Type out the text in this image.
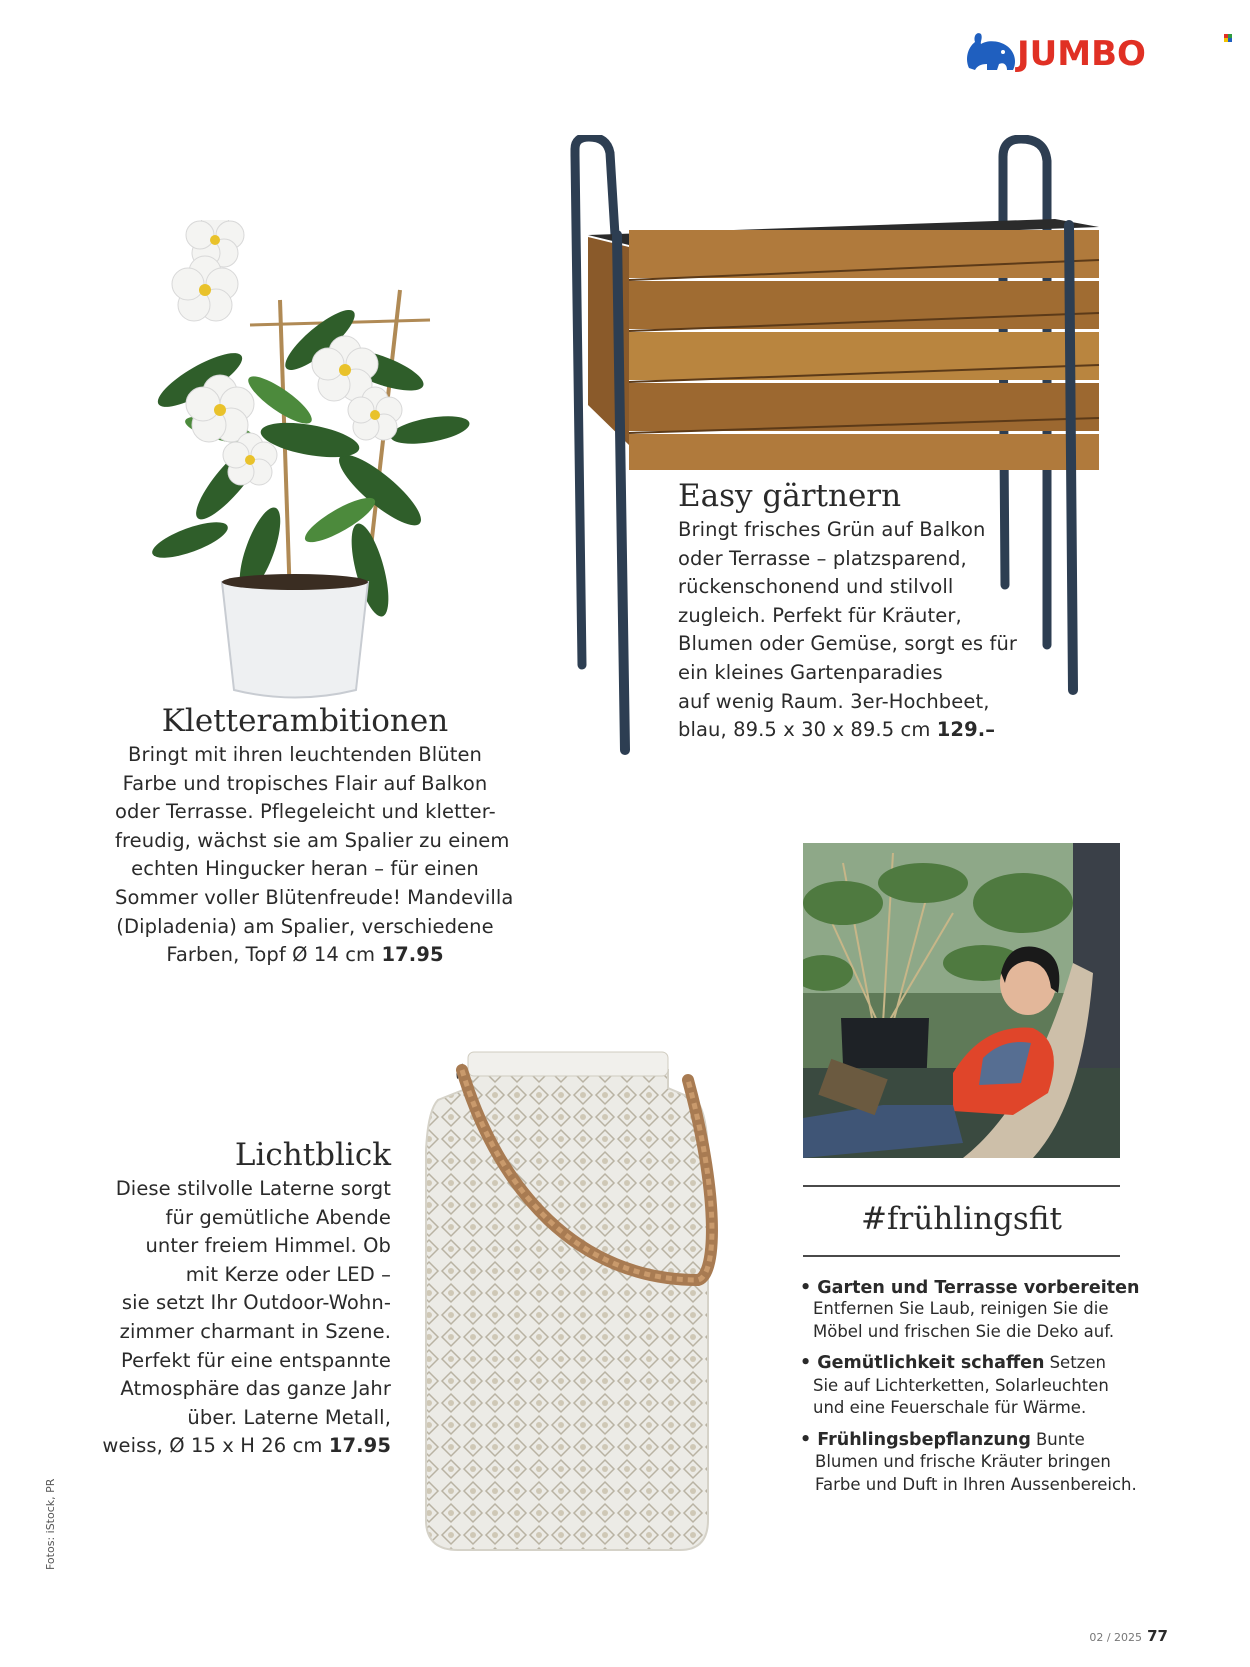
JUMBO
Easy gärtnern
Bringt frisches Grün auf Balkon
oder Terrasse – platzsparend,
rückenschonend und stilvoll
zugleich. Perfekt für Kräuter,
Blumen oder Gemüse, sorgt es für
ein kleines Gartenparadies
auf wenig Raum. 3er-Hochbeet,
blau, 89.5 x 30 x 89.5 cm 129.–
Kletterambitionen
Bringt mit ihren leuchtenden Blüten
Farbe und tropisches Flair auf Balkon
oder Terrasse. Pflegeleicht und kletter-
freudig, wächst sie am Spalier zu einem
echten Hingucker heran – für einen
Sommer voller Blütenfreude! Mandevilla
(Dipladenia) am Spalier, verschiedene
Farben, Topf Ø 14 cm 17.95
#frühlingsfit
• Garten und Terrasse vorbereiten
Entfernen Sie Laub, reinigen Sie die
Möbel und frischen Sie die Deko auf.
• Gemütlichkeit schaffen Setzen
Sie auf Lichterketten, Solarleuchten
und eine Feuerschale für Wärme.
• Frühlingsbepflanzung Bunte
Blumen und frische Kräuter bringen
Farbe und Duft in Ihren Aussenbereich.
Lichtblick
Diese stilvolle Laterne sorgt
für gemütliche Abende
unter freiem Himmel. Ob
mit Kerze oder LED –
sie setzt Ihr Outdoor-Wohn-
zimmer charmant in Szene.
Perfekt für eine entspannte
Atmosphäre das ganze Jahr
über. Laterne Metall,
weiss, Ø 15 x H 26 cm 17.95
Fotos: iStock, PR
02 / 2025 77
